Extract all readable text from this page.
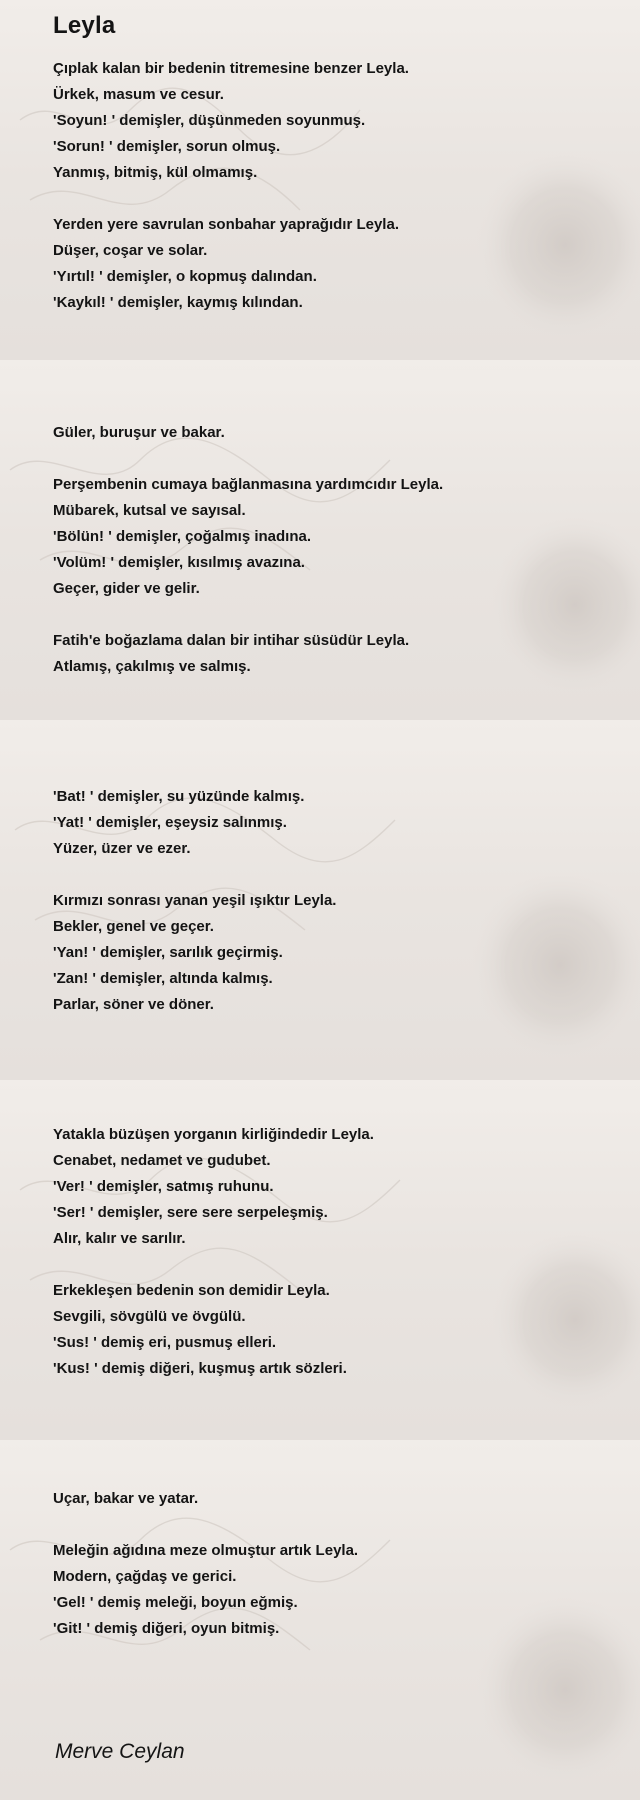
Leyla
Çıplak kalan bir bedenin titremesine benzer Leyla.
Ürkek, masum ve cesur.
'Soyun! ' demişler, düşünmeden soyunmuş.
'Sorun! ' demişler, sorun olmuş.
Yanmış, bitmiş, kül olmamış.
Yerden yere savrulan sonbahar yaprağıdır Leyla.
Düşer, coşar ve solar.
'Yırtıl! ' demişler, o kopmuş dalından.
'Kaykıl! ' demişler, kaymış kılından.
Güler, buruşur ve bakar.
Perşembenin cumaya bağlanmasına yardımcıdır Leyla.
Mübarek, kutsal ve sayısal.
'Bölün! ' demişler, çoğalmış inadına.
'Volüm! ' demişler, kısılmış avazına.
Geçer, gider ve gelir.
Fatih'e boğazlama dalan bir intihar süsüdür Leyla.
Atlamış, çakılmış ve salmış.
'Bat! ' demişler, su yüzünde kalmış.
'Yat! ' demişler, eşeysiz salınmış.
Yüzer, üzer ve ezer.
Kırmızı sonrası yanan yeşil ışıktır Leyla.
Bekler, genel ve geçer.
'Yan! ' demişler, sarılık geçirmiş.
'Zan! ' demişler, altında kalmış.
Parlar, söner ve döner.
Yatakla büzüşen yorganın kirliğindedir Leyla.
Cenabet, nedamet ve gudubet.
'Ver! ' demişler, satmış ruhunu.
'Ser! ' demişler, sere sere serpeleşmiş.
Alır, kalır ve sarılır.
Erkekleşen bedenin son demidir Leyla.
Sevgili, sövgülü ve övgülü.
'Sus! ' demiş eri, pusmuş elleri.
'Kus! ' demiş diğeri, kuşmuş artık sözleri.
Uçar, bakar ve yatar.
Meleğin ağıdına meze olmuştur artık Leyla.
Modern, çağdaş ve gerici.
'Gel! ' demiş meleği, boyun eğmiş.
'Git! ' demiş diğeri, oyun bitmiş.

Merve Ceylan
